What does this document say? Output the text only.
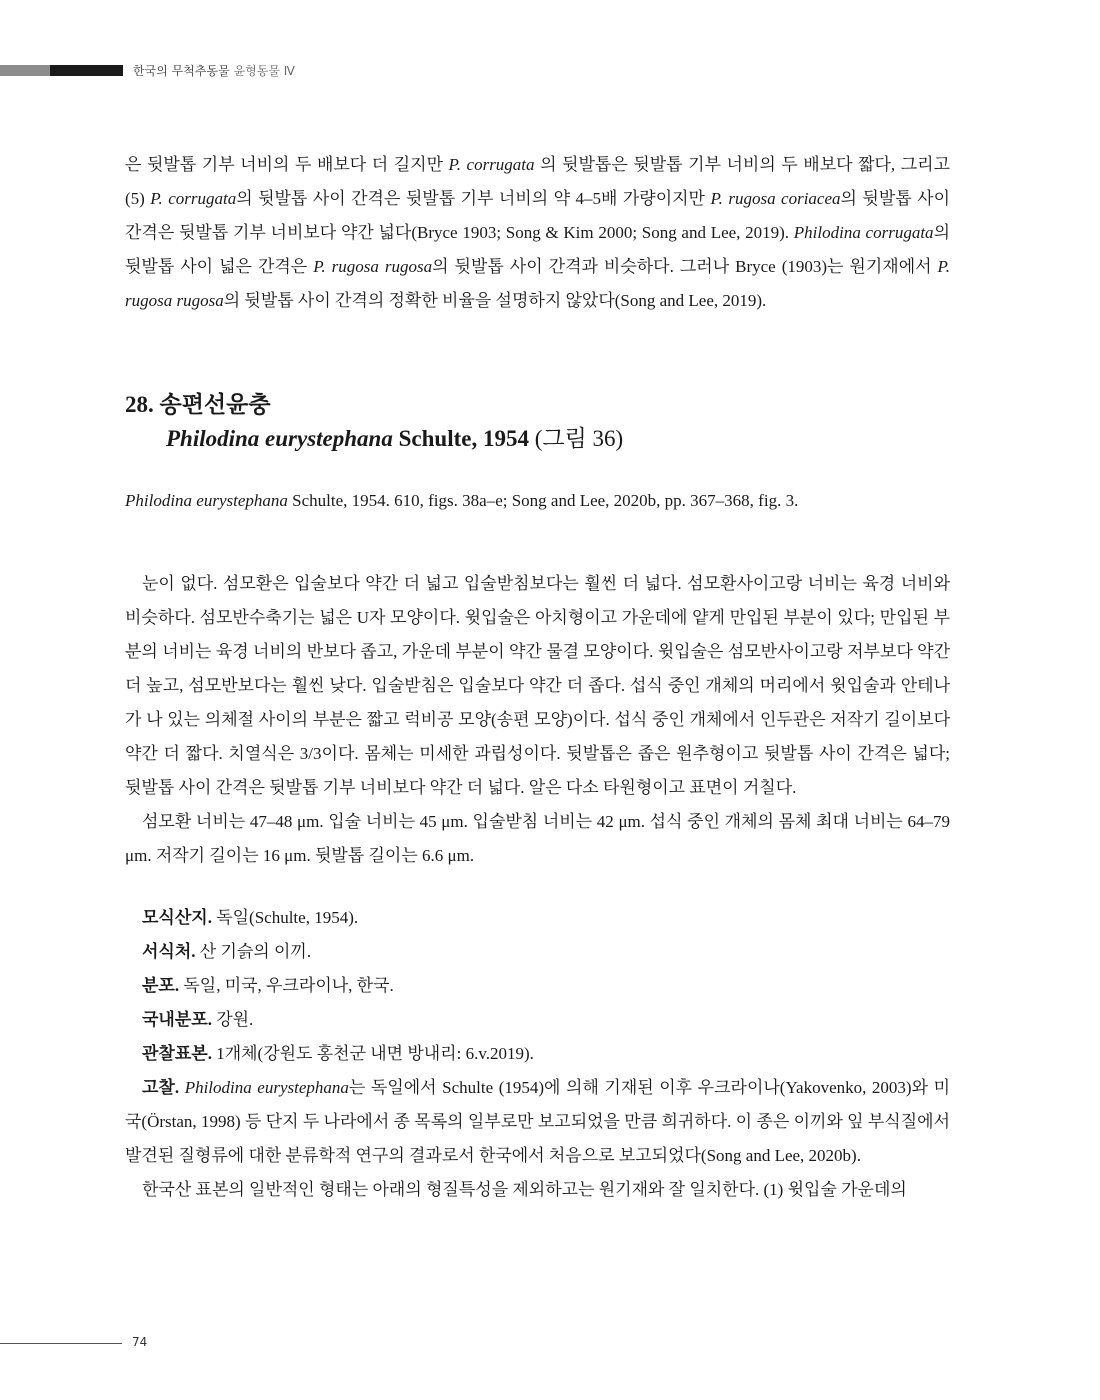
한국의 무척추동물 윤형동물 Ⅳ

은 뒷발톱 기부 너비의 두 배보다 더 길지만 P. corrugata 의 뒷발톱은 뒷발톱 기부 너비의 두 배보다 짧다, 그리고 (5) P. corrugata의 뒷발톱 사이 간격은 뒷발톱 기부 너비의 약 4–5배 가량이지만 P. rugosa coriacea의 뒷발톱 사이 간격은 뒷발톱 기부 너비보다 약간 넓다(Bryce 1903; Song & Kim 2000; Song and Lee, 2019). Philodina corrugata의 뒷발톱 사이 넓은 간격은 P. rugosa rugosa의 뒷발톱 사이 간격과 비슷하다. 그러나 Bryce (1903)는 원기재에서 P. rugosa rugosa의 뒷발톱 사이 간격의 정확한 비율을 설명하지 않았다(Song and Lee, 2019).

28. 송편선윤충
Philodina eurystephana Schulte, 1954 (그림 36)

Philodina eurystephana Schulte, 1954. 610, figs. 38a–e; Song and Lee, 2020b, pp. 367–368, fig. 3.

눈이 없다. 섬모환은 입술보다 약간 더 넓고 입술받침보다는 훨씬 더 넓다. 섬모환사이고랑 너비는 육경 너비와 비슷하다. 섬모반수축기는 넓은 U자 모양이다. 윗입술은 아치형이고 가운데에 얕게 만입된 부분이 있다; 만입된 부분의 너비는 육경 너비의 반보다 좁고, 가운데 부분이 약간 물결 모양이다. 윗입술은 섬모반사이고랑 저부보다 약간 더 높고, 섬모반보다는 훨씬 낮다. 입술받침은 입술보다 약간 더 좁다. 섭식 중인 개체의 머리에서 윗입술과 안테나가 나 있는 의체절 사이의 부분은 짧고 럭비공 모양(송편 모양)이다. 섭식 중인 개체에서 인두관은 저작기 길이보다 약간 더 짧다. 치열식은 3/3이다. 몸체는 미세한 과립성이다. 뒷발톱은 좁은 원추형이고 뒷발톱 사이 간격은 넓다; 뒷발톱 사이 간격은 뒷발톱 기부 너비보다 약간 더 넓다. 알은 다소 타원형이고 표면이 거칠다.

섬모환 너비는 47–48 μm. 입술 너비는 45 μm. 입술받침 너비는 42 μm. 섭식 중인 개체의 몸체 최대 너비는 64–79 μm. 저작기 길이는 16 μm. 뒷발톱 길이는 6.6 μm.

모식산지. 독일(Schulte, 1954).

서식처. 산 기슭의 이끼.

분포. 독일, 미국, 우크라이나, 한국.

국내분포. 강원.

관찰표본. 1개체(강원도 홍천군 내면 방내리: 6.v.2019).

고찰. Philodina eurystephana는 독일에서 Schulte (1954)에 의해 기재된 이후 우크라이나(Yakovenko, 2003)와 미국(Örstan, 1998) 등 단지 두 나라에서 종 목록의 일부로만 보고되었을 만큼 희귀하다. 이 종은 이끼와 잎 부식질에서 발견된 질형류에 대한 분류학적 연구의 결과로서 한국에서 처음으로 보고되었다(Song and Lee, 2020b).

한국산 표본의 일반적인 형태는 아래의 형질특성을 제외하고는 원기재와 잘 일치한다. (1) 윗입술 가운데의

74
